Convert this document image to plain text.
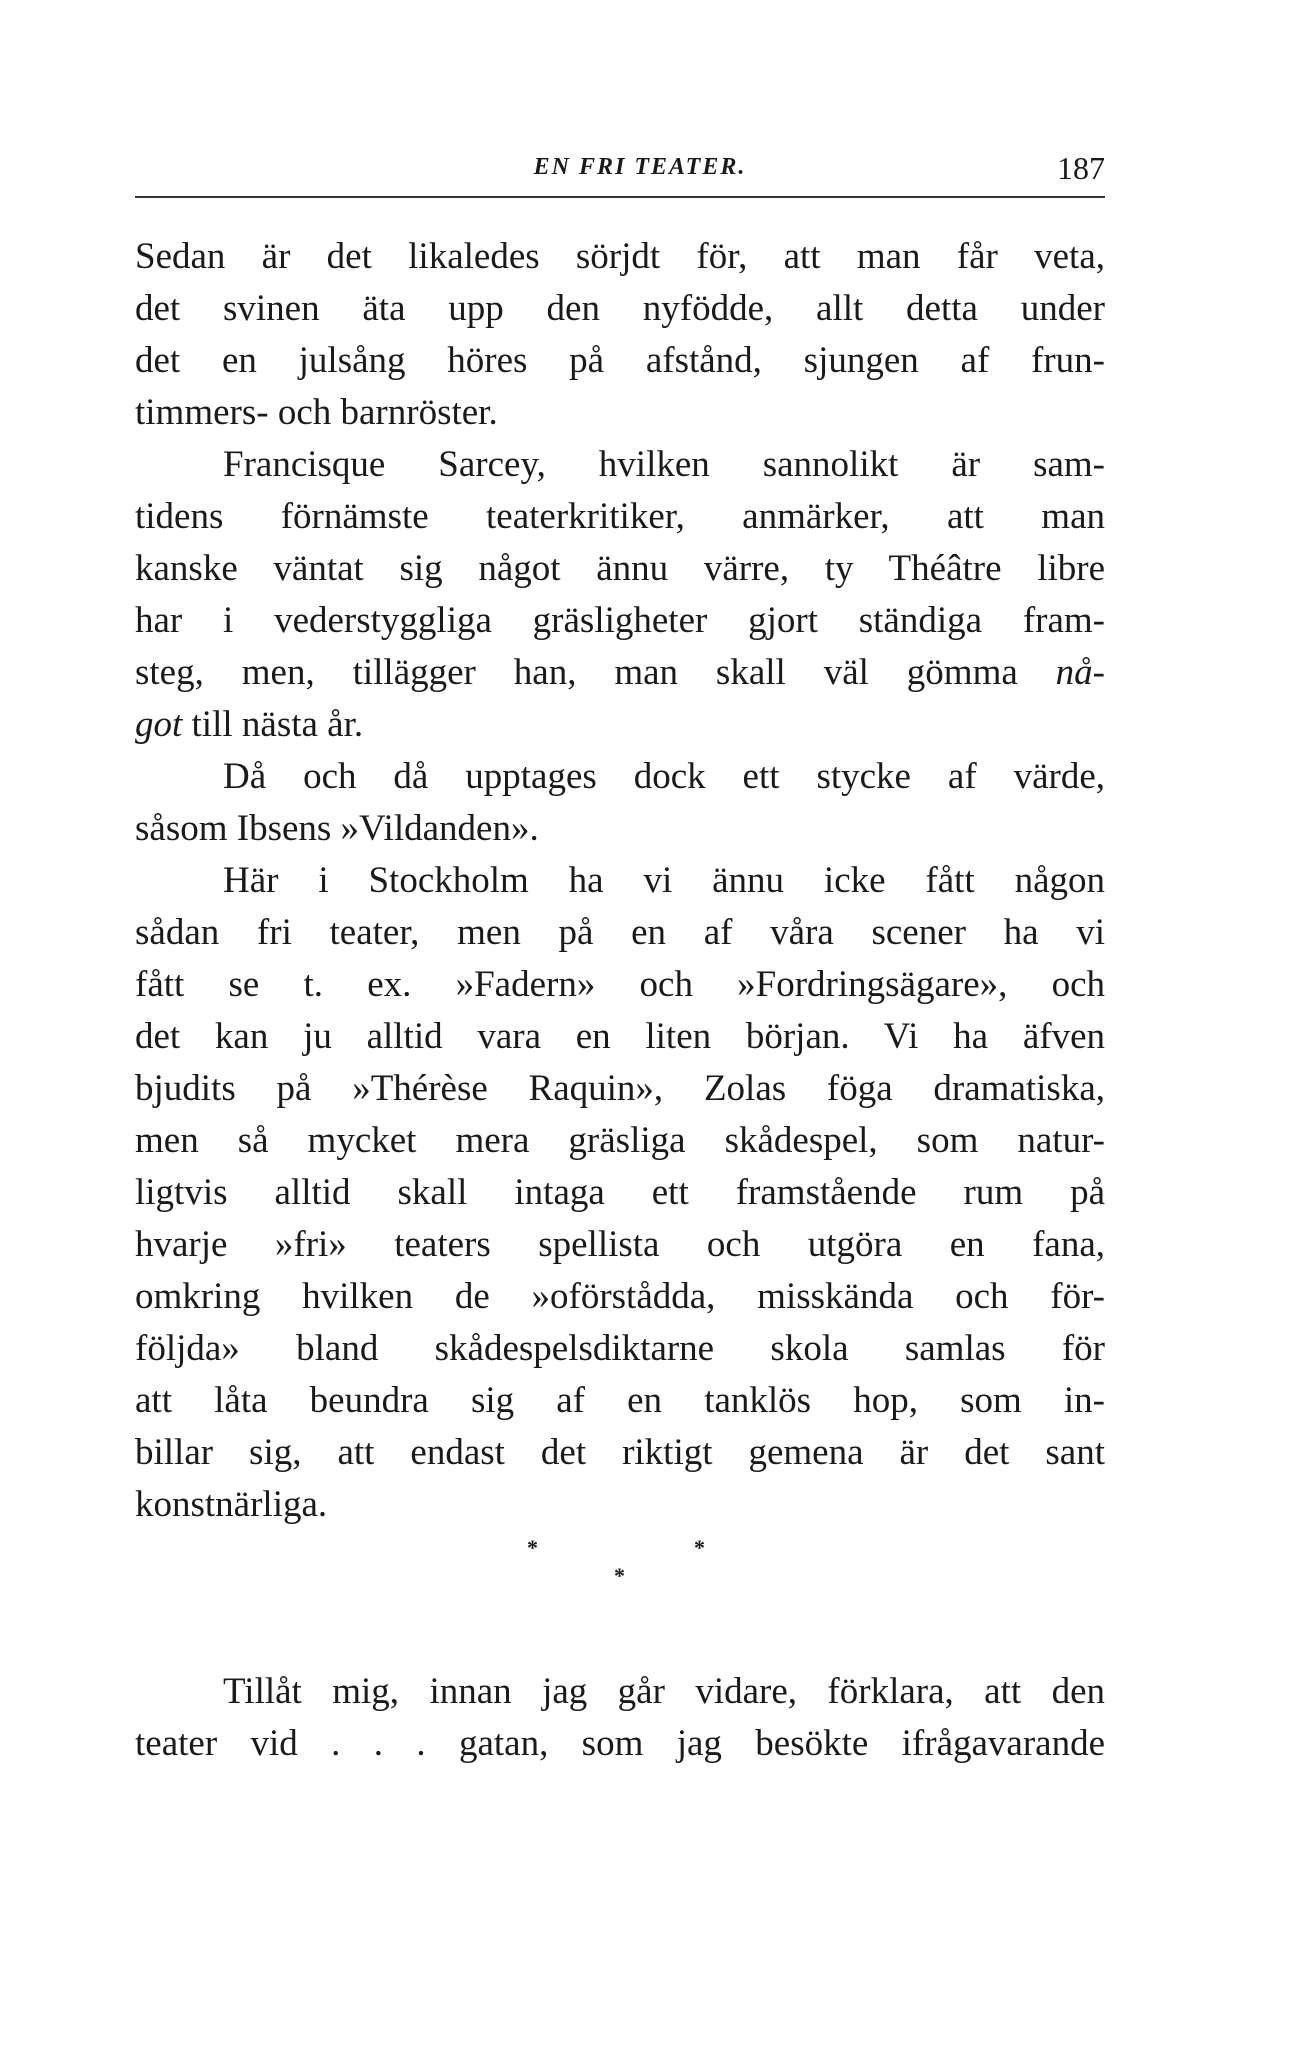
EN FRI TEATER.	187
Sedan är det likaledes sörjdt för, att man får veta,
det svinen äta upp den nyfödde, allt detta under
det en julsång höres på afstånd, sjungen af frun-
timmers- och barnröster.
Francisque Sarcey, hvilken sannolikt är sam-
tidens förnämste teaterkritiker, anmärker, att man
kanske väntat sig något ännu värre, ty Théâtre libre
har i vederstyggliga gräsligheter gjort ständiga fram-
steg, men, tillägger han, man skall väl gömma nå-
got till nästa år.
Då och då upptages dock ett stycke af värde,
såsom Ibsens »Vildanden».
Här i Stockholm ha vi ännu icke fått någon
sådan fri teater, men på en af våra scener ha vi
fått se t. ex. »Fadern» och »Fordringsägare», och
det kan ju alltid vara en liten början. Vi ha äfven
bjudits på »Thérèse Raquin», Zolas föga dramatiska,
men så mycket mera gräsliga skådespel, som natur-
ligtvis alltid skall intaga ett framstående rum på
hvarje »fri» teaters spellista och utgöra en fana,
omkring hvilken de »oförstådda, misskända och för-
följda» bland skådespelsdiktarne skola samlas för
att låta beundra sig af en tanklös hop, som in-
billar sig, att endast det riktigt gemena är det sant
konstnärliga.
*	*
*
Tillåt mig, innan jag går vidare, förklara, att den
teater vid . . . gatan, som jag besökte ifrågavarande
